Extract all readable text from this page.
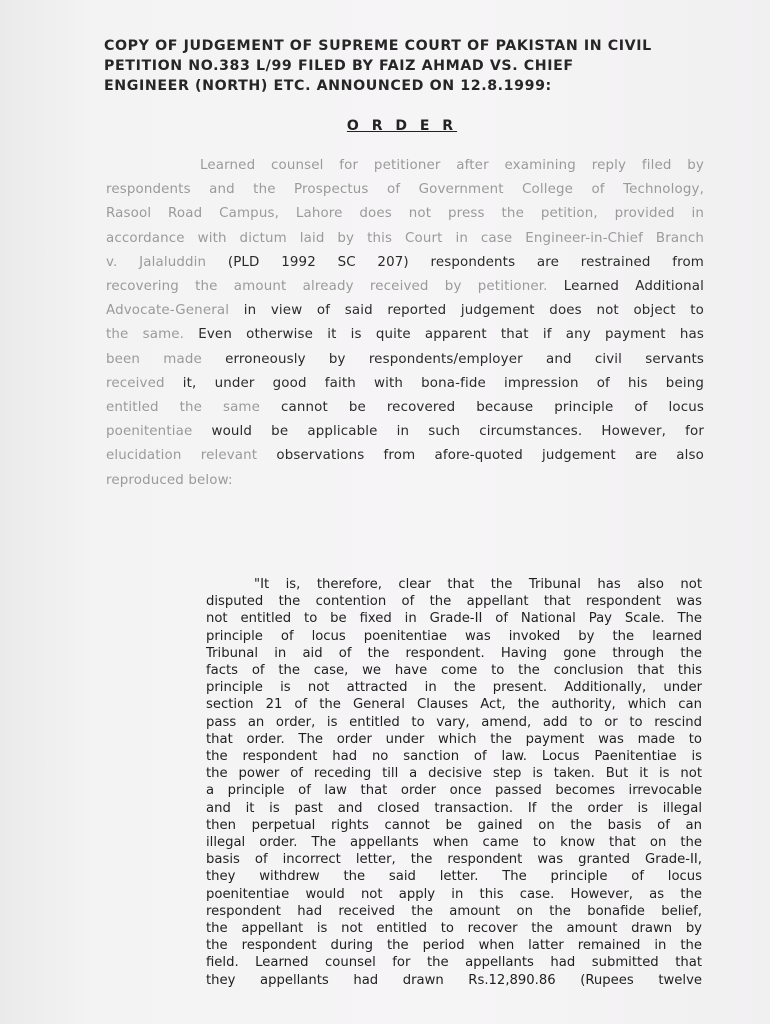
COPY OF JUDGEMENT OF SUPREME COURT OF PAKISTAN IN CIVIL
PETITION NO.383 L/99 FILED BY FAIZ AHMAD VS. CHIEF
ENGINEER (NORTH) ETC. ANNOUNCED ON 12.8.1999:
O R D E R
Learned counsel for petitioner after examining reply filed by
respondents and the Prospectus of Government College of Technology,
Rasool Road Campus, Lahore does not press the petition, provided in
accordance with dictum laid by this Court in case Engineer-in-Chief Branch
v. Jalaluddin (PLD 1992 SC 207) respondents are restrained from
recovering the amount already received by petitioner. Learned Additional
Advocate-General in view of said reported judgement does not object to
the same. Even otherwise it is quite apparent that if any payment has
been made erroneously by respondents/employer and civil servants
received it, under good faith with bona-fide impression of his being
entitled the same cannot be recovered because principle of locus
poenitentiae would be applicable in such circumstances. However, for
elucidation relevant observations from afore-quoted judgement are also
reproduced below:
"It is, therefore, clear that the Tribunal has also not
disputed the contention of the appellant that respondent was
not entitled to be fixed in Grade-II of National Pay Scale. The
principle of locus poenitentiae was invoked by the learned
Tribunal in aid of the respondent. Having gone through the
facts of the case, we have come to the conclusion that this
principle is not attracted in the present. Additionally, under
section 21 of the General Clauses Act, the authority, which can
pass an order, is entitled to vary, amend, add to or to rescind
that order. The order under which the payment was made to
the respondent had no sanction of law. Locus Paenitentiae is
the power of receding till a decisive step is taken. But it is not
a principle of law that order once passed becomes irrevocable
and it is past and closed transaction. If the order is illegal
then perpetual rights cannot be gained on the basis of an
illegal order. The appellants when came to know that on the
basis of incorrect letter, the respondent was granted Grade-II,
they withdrew the said letter. The principle of locus
poenitentiae would not apply in this case. However, as the
respondent had received the amount on the bonafide belief,
the appellant is not entitled to recover the amount drawn by
the respondent during the period when latter remained in the
field. Learned counsel for the appellants had submitted that
they appellants had drawn Rs.12,890.86 (Rupees twelve
